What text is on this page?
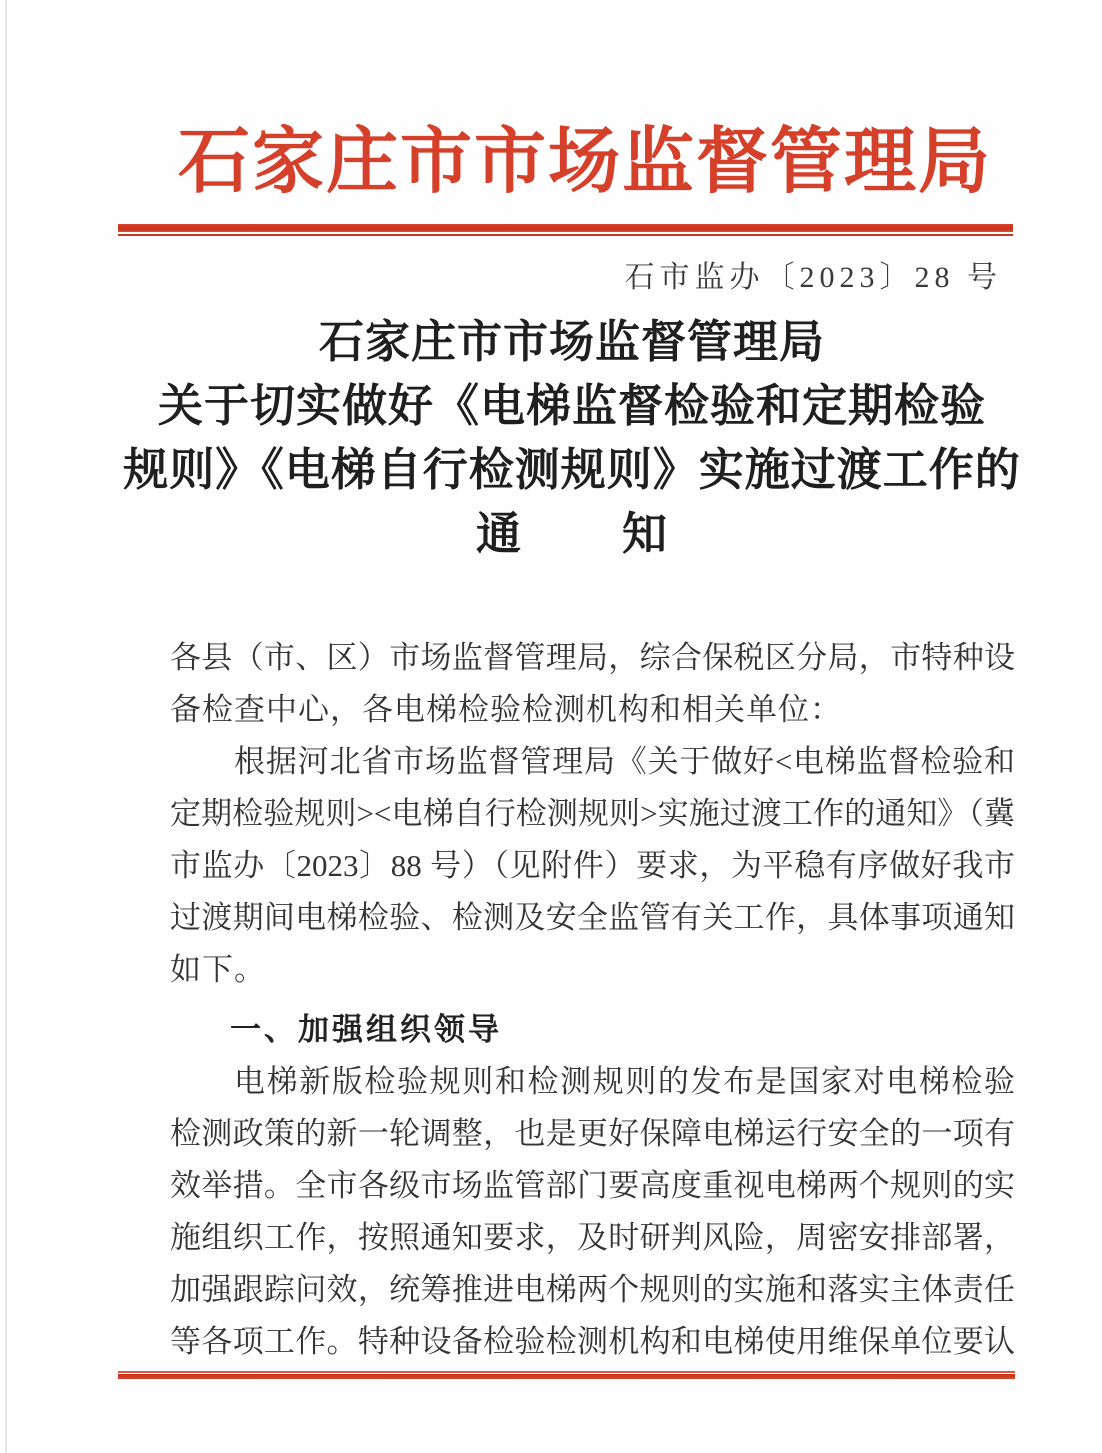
石家庄市市场监督管理局
石市监办〔2023〕28 号
石家庄市市场监督管理局
关于切实做好《电梯监督检验和定期检验
规则》《电梯自行检测规则》实施过渡工作的
通 知
各县（市、区）市场监督管理局，综合保税区分局，市特种设
备检查中心，各电梯检验检测机构和相关单位：
根据河北省市场监督管理局《关于做好<电梯监督检验和
定期检验规则><电梯自行检测规则>实施过渡工作的通知》（冀
市监办〔2023〕88 号）（见附件）要求，为平稳有序做好我市
过渡期间电梯检验、检测及安全监管有关工作，具体事项通知
如下。
一、加强组织领导
电梯新版检验规则和检测规则的发布是国家对电梯检验
检测政策的新一轮调整，也是更好保障电梯运行安全的一项有
效举措。全市各级市场监管部门要高度重视电梯两个规则的实
施组织工作，按照通知要求，及时研判风险，周密安排部署，
加强跟踪问效，统筹推进电梯两个规则的实施和落实主体责任
等各项工作。特种设备检验检测机构和电梯使用维保单位要认
